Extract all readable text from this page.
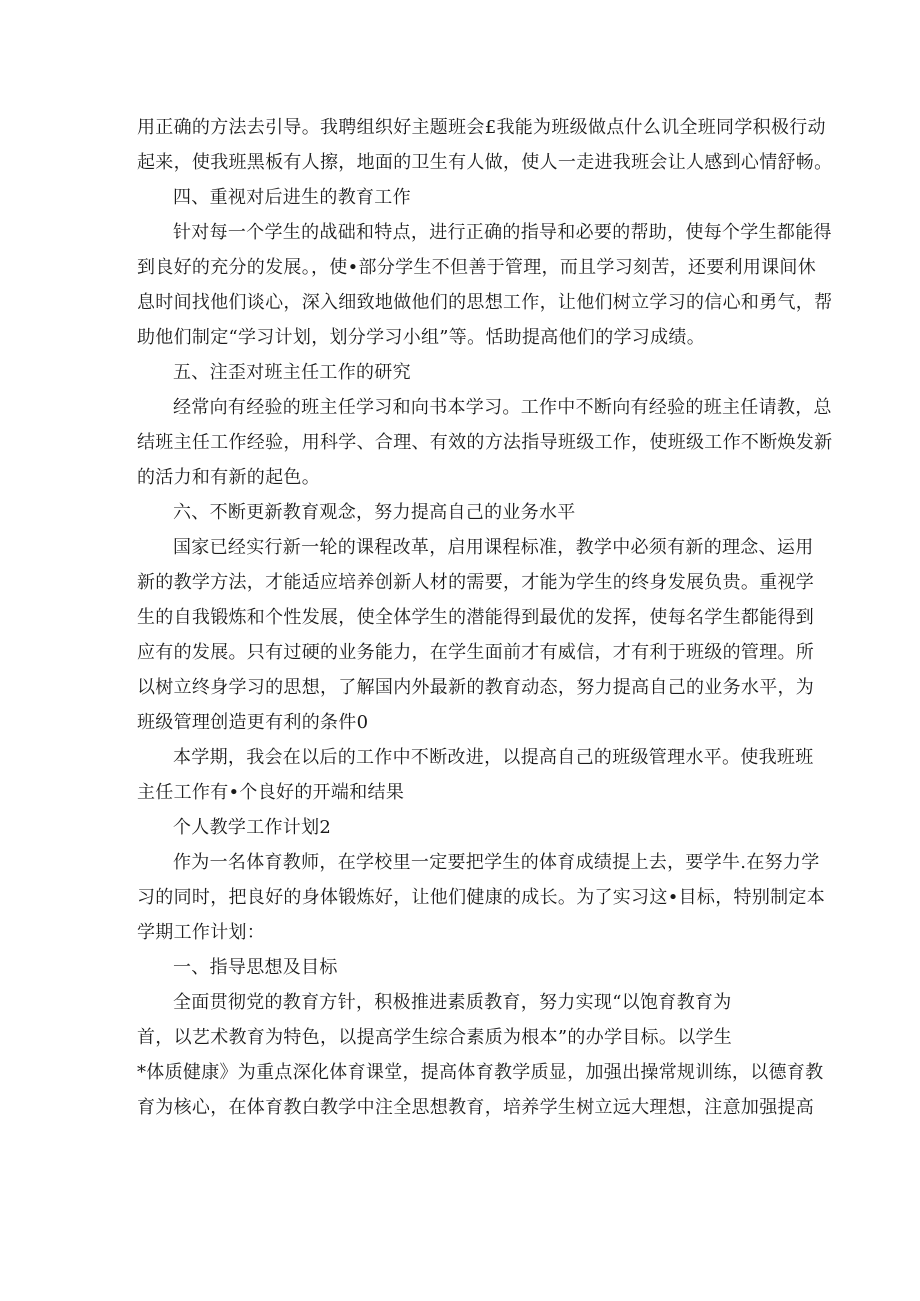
用正确的方法去引导。我聘组织好主题班会£我能为班级做点什么讥全班同学积极行动
起来，使我班黑板有人擦，地面的卫生有人做，使人一走进我班会让人感到心情舒畅。
四、重视对后进生的教育工作
针对每一个学生的战础和特点，进行正确的指导和必要的帮助，使每个学生都能得
到良好的充分的发展。，使•部分学生不但善于管理，而且学习刻苦，还要利用课间休
息时间找他们谈心，深入细致地做他们的思想工作，让他们树立学习的信心和勇气，帮
助他们制定“学习计划，划分学习小组”等。恬助提高他们的学习成绩。
五、注歪对班主任工作的研究
经常向有经验的班主任学习和向书本学习。工作中不断向有经验的班主任请教，总
结班主任工作经验，用科学、合理、有效的方法指导班级工作，使班级工作不断焕发新
的活力和有新的起色。
六、不断更新教育观念，努力提高自己的业务水平
国家已经实行新一轮的课程改革，启用课程标准，教学中必须有新的理念、运用
新的教学方法，才能适应培养创新人材的需要，才能为学生的终身发展负贵。重视学
生的自我锻炼和个性发展，使全体学生的潜能得到最优的发挥，使每名学生都能得到
应有的发展。只有过硬的业务能力，在学生面前才有威信，才有利于班级的管理。所
以树立终身学习的思想，了解国内外最新的教育动态，努力提高自己的业务水平，为
班级管理创造更有利的条件0
本学期，我会在以后的工作中不断改进，以提高自己的班级管理水平。使我班班
主任工作有•个良好的开端和结果
个人教学工作计划2
作为一名体育教师，在学校里一定要把学生的体育成绩提上去，要学牛.在努力学
习的同时，把良好的身体锻炼好，让他们健康的成长。为了实习这•目标，特别制定本
学期工作计划：
一、指导思想及目标
全面贯彻党的教育方针，积极推进素质教育，努力实现“以饱育教育为
首，以艺术教育为特色，以提高学生综合素质为根本”的办学目标。以学生
*体质健康》为重点深化体育课堂，提高体育教学质显，加强出操常规训练，以德育教
育为核心，在体育教白教学中注全思想教育，培养学生树立远大理想，注意加强提高
